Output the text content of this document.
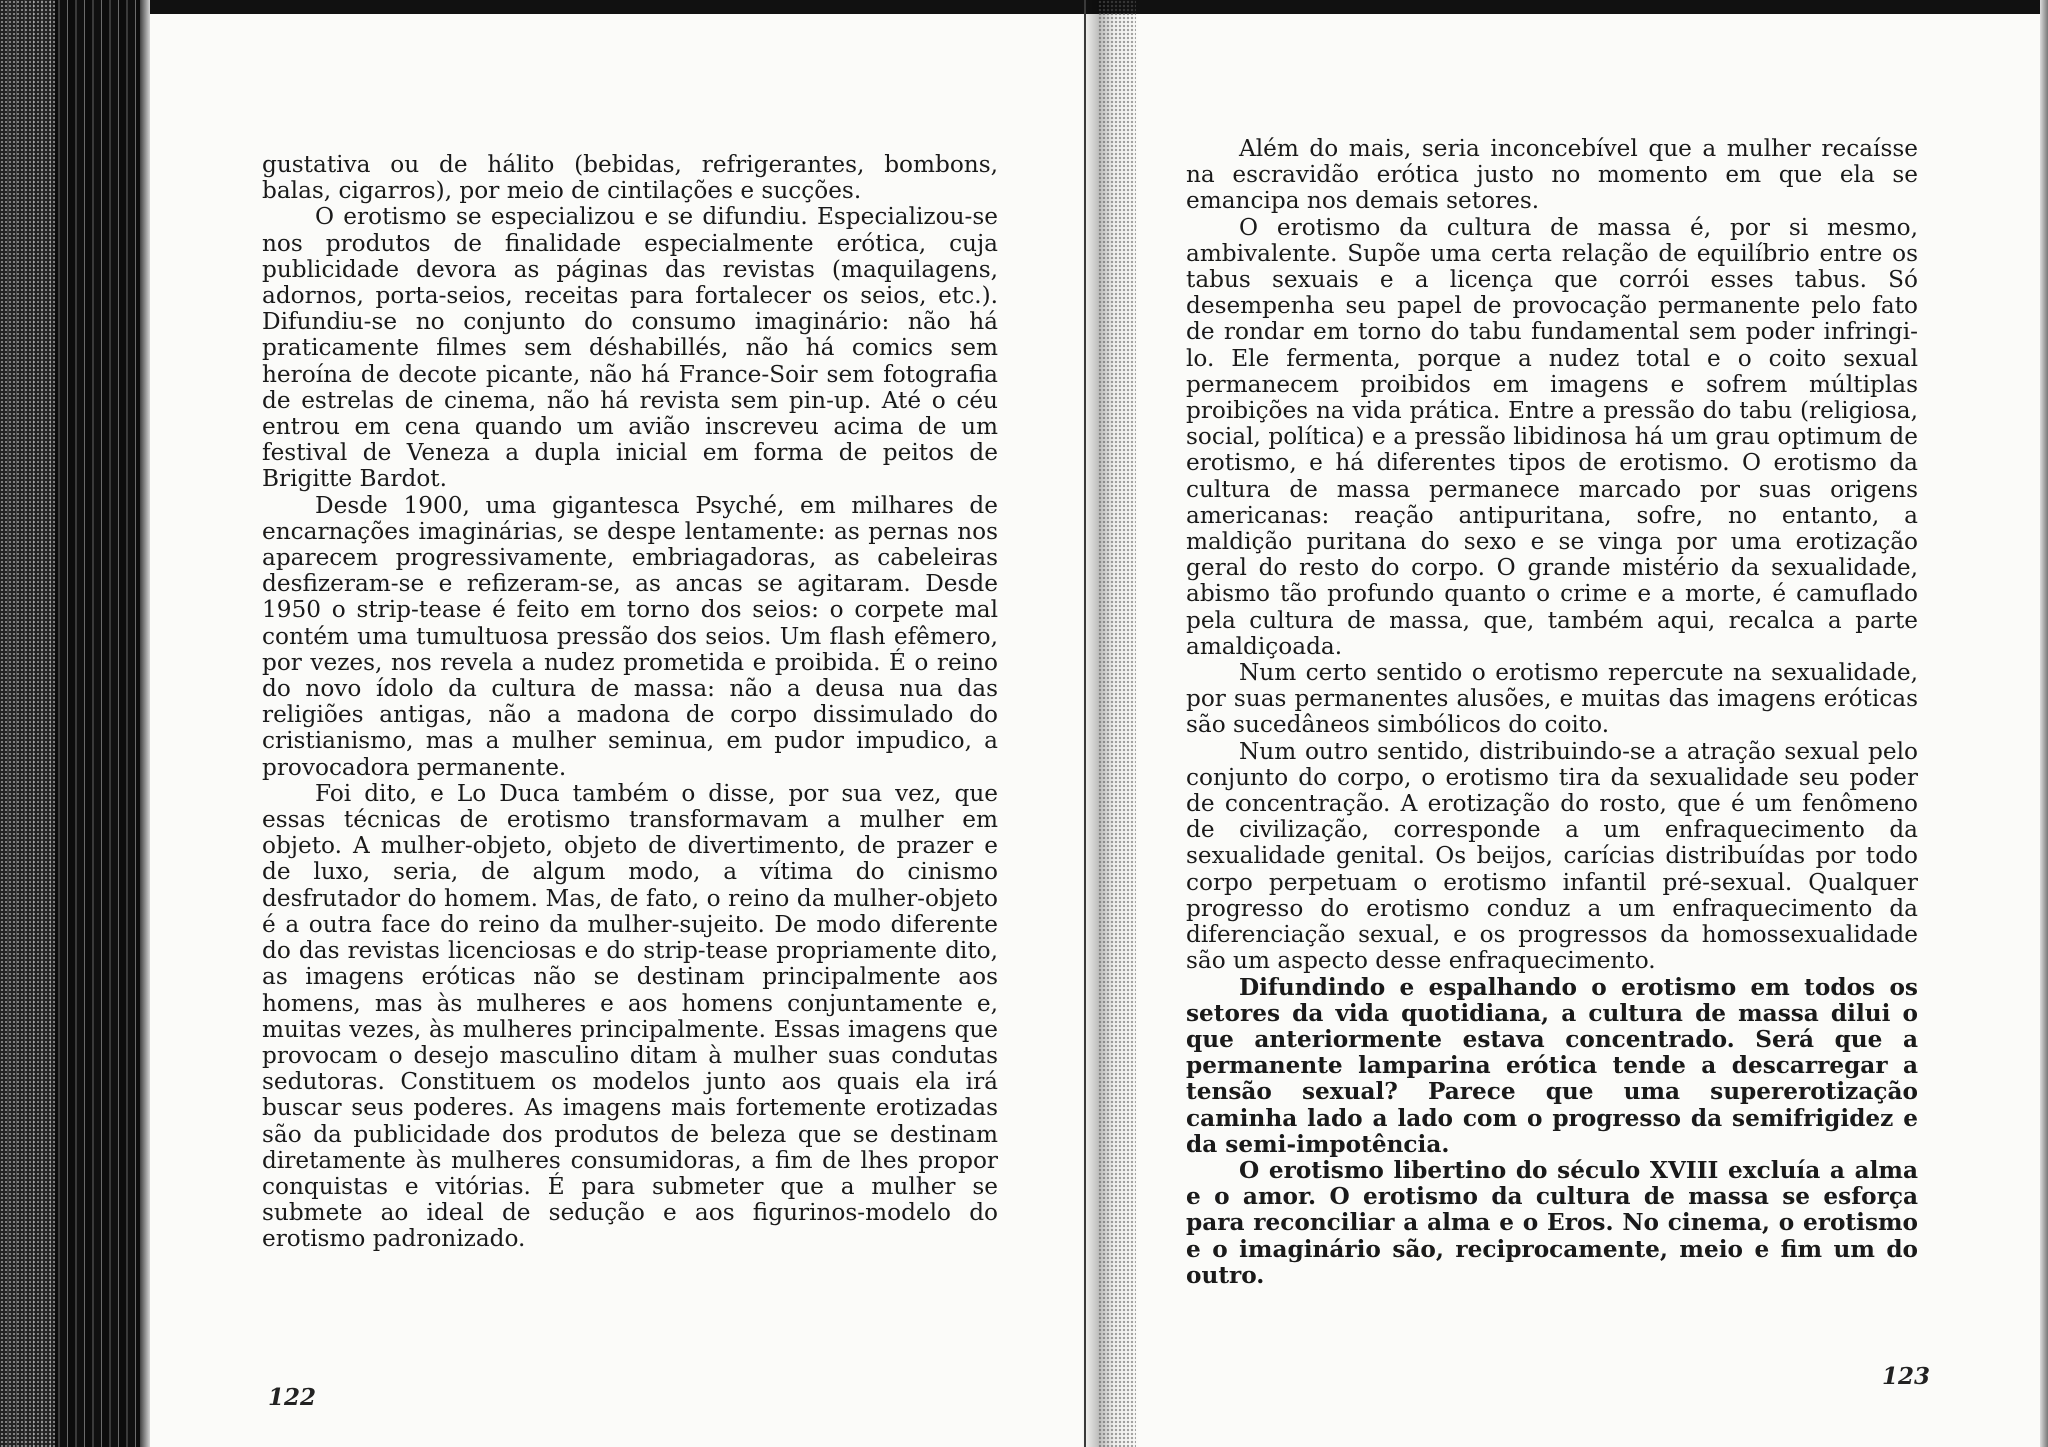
gustativa ou de hálito (bebidas, refrigerantes, bombons, balas, cigarros), por meio de cintilações e sucções.

O erotismo se especializou e se difundiu. Especializou-se nos produtos de finalidade especialmente erótica, cuja publicidade devora as páginas das revistas (maquilagens, adornos, porta-seios, receitas para fortalecer os seios, etc.). Difundiu-se no conjunto do consumo imaginário: não há praticamente filmes sem déshabillés, não há comics sem heroína de decote picante, não há France-Soir sem fotografia de estrelas de cinema, não há revista sem pin-up. Até o céu entrou em cena quando um avião inscreveu acima de um festival de Veneza a dupla inicial em forma de peitos de Brigitte Bardot.

Desde 1900, uma gigantesca Psyché, em milhares de encarnações imaginárias, se despe lentamente: as pernas nos aparecem progressivamente, embriagadoras, as cabeleiras desfizeram-se e refizeram-se, as ancas se agitaram. Desde 1950 o strip-tease é feito em torno dos seios: o corpete mal contém uma tumultuosa pressão dos seios. Um flash efêmero, por vezes, nos revela a nudez prometida e proibida. É o reino do novo ídolo da cultura de massa: não a deusa nua das religiões antigas, não a madona de corpo dissimulado do cristianismo, mas a mulher seminua, em pudor impudico, a provocadora permanente.

Foi dito, e Lo Duca também o disse, por sua vez, que essas técnicas de erotismo transformavam a mulher em objeto. A mulher-objeto, objeto de divertimento, de prazer e de luxo, seria, de algum modo, a vítima do cinismo desfrutador do homem. Mas, de fato, o reino da mulher-objeto é a outra face do reino da mulher-sujeito. De modo diferente do das revistas licenciosas e do strip-tease propriamente dito, as imagens eróticas não se destinam principalmente aos homens, mas às mulheres e aos homens conjuntamente e, muitas vezes, às mulheres principalmente. Essas imagens que provocam o desejo masculino ditam à mulher suas condutas sedutoras. Constituem os modelos junto aos quais ela irá buscar seus poderes. As imagens mais fortemente erotizadas são da publicidade dos produtos de beleza que se destinam diretamente às mulheres consumidoras, a fim de lhes propor conquistas e vitórias. É para submeter que a mulher se submete ao ideal de sedução e aos figurinos-modelo do erotismo padronizado.

122

Além do mais, seria inconcebível que a mulher recaísse na escravidão erótica justo no momento em que ela se emancipa nos demais setores.

O erotismo da cultura de massa é, por si mesmo, ambivalente. Supõe uma certa relação de equilíbrio entre os tabus sexuais e a licença que corrói esses tabus. Só desempenha seu papel de provocação permanente pelo fato de rondar em torno do tabu fundamental sem poder infringi-lo. Ele fermenta, porque a nudez total e o coito sexual permanecem proibidos em imagens e sofrem múltiplas proibições na vida prática. Entre a pressão do tabu (religiosa, social, política) e a pressão libidinosa há um grau optimum de erotismo, e há diferentes tipos de erotismo. O erotismo da cultura de massa permanece marcado por suas origens americanas: reação antipuritana, sofre, no entanto, a maldição puritana do sexo e se vinga por uma erotização geral do resto do corpo. O grande mistério da sexualidade, abismo tão profundo quanto o crime e a morte, é camuflado pela cultura de massa, que, também aqui, recalca a parte amaldiçoada.

Num certo sentido o erotismo repercute na sexualidade, por suas permanentes alusões, e muitas das imagens eróticas são sucedâneos simbólicos do coito.

Num outro sentido, distribuindo-se a atração sexual pelo conjunto do corpo, o erotismo tira da sexualidade seu poder de concentração. A erotização do rosto, que é um fenômeno de civilização, corresponde a um enfraquecimento da sexualidade genital. Os beijos, carícias distribuídas por todo corpo perpetuam o erotismo infantil pré-sexual. Qualquer progresso do erotismo conduz a um enfraquecimento da diferenciação sexual, e os progressos da homossexualidade são um aspecto desse enfraquecimento.

Difundindo e espalhando o erotismo em todos os setores da vida quotidiana, a cultura de massa dilui o que anteriormente estava concentrado. Será que a permanente lamparina erótica tende a descarregar a tensão sexual? Parece que uma supererotização caminha lado a lado com o progresso da semifrigidez e da semi-impotência.

O erotismo libertino do século XVIII excluía a alma e o amor. O erotismo da cultura de massa se esforça para reconciliar a alma e o Eros. No cinema, o erotismo e o imaginário são, reciprocamente, meio e fim um do outro.

123
